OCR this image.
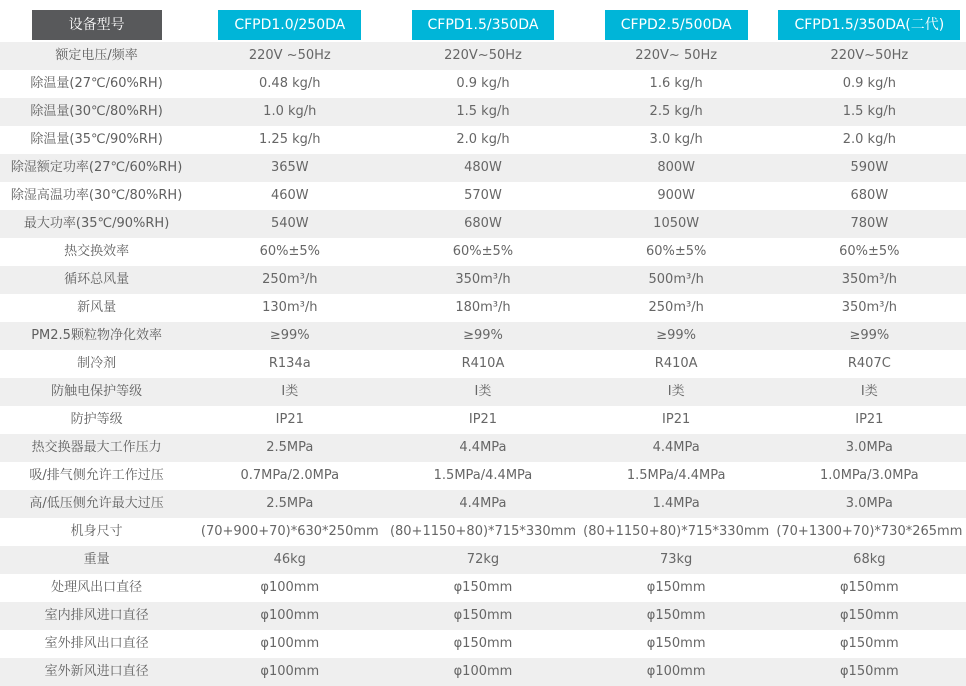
设备型号	CFPD1.0/250DA	CFPD1.5/350DA	CFPD2.5/500DA	CFPD1.5/350DA(二代)
额定电压/频率	220V ~50Hz	220V~50Hz	220V~ 50Hz	220V~50Hz
除温量(27℃/60%RH)	0.48 kg/h	0.9 kg/h	1.6 kg/h	0.9 kg/h
除温量(30℃/80%RH)	1.0 kg/h	1.5 kg/h	2.5 kg/h	1.5 kg/h
除温量(35℃/90%RH)	1.25 kg/h	2.0 kg/h	3.0 kg/h	2.0 kg/h
除湿额定功率(27℃/60%RH)	365W	480W	800W	590W
除湿高温功率(30℃/80%RH)	460W	570W	900W	680W
最大功率(35℃/90%RH)	540W	680W	1050W	780W
热交换效率	60%±5%	60%±5%	60%±5%	60%±5%
循环总风量	250m³/h	350m³/h	500m³/h	350m³/h
新风量	130m³/h	180m³/h	250m³/h	350m³/h
PM2.5颗粒物净化效率	≥99%	≥99%	≥99%	≥99%
制冷剂	R134a	R410A	R410A	R407C
防触电保护等级	Ⅰ类	Ⅰ类	Ⅰ类	Ⅰ类
防护等级	IP21	IP21	IP21	IP21
热交换器最大工作压力	2.5MPa	4.4MPa	4.4MPa	3.0MPa
吸/排气侧允许工作过压	0.7MPa/2.0MPa	1.5MPa/4.4MPa	1.5MPa/4.4MPa	1.0MPa/3.0MPa
高/低压侧允许最大过压	2.5MPa	4.4MPa	1.4MPa	3.0MPa
机身尺寸	(70+900+70)*630*250mm (80+1150+80)*715*330mm (80+1150+80)*715*330mm (70+1300+70)*730*265mm
重量	46kg	72kg	73kg	68kg
处理风出口直径	φ100mm	φ150mm	φ150mm	φ150mm
室内排风进口直径	φ100mm	φ150mm	φ150mm	φ150mm
室外排风出口直径	φ100mm	φ150mm	φ150mm	φ150mm
室外新风进口直径	φ100mm	φ100mm	φ100mm	φ150mm
